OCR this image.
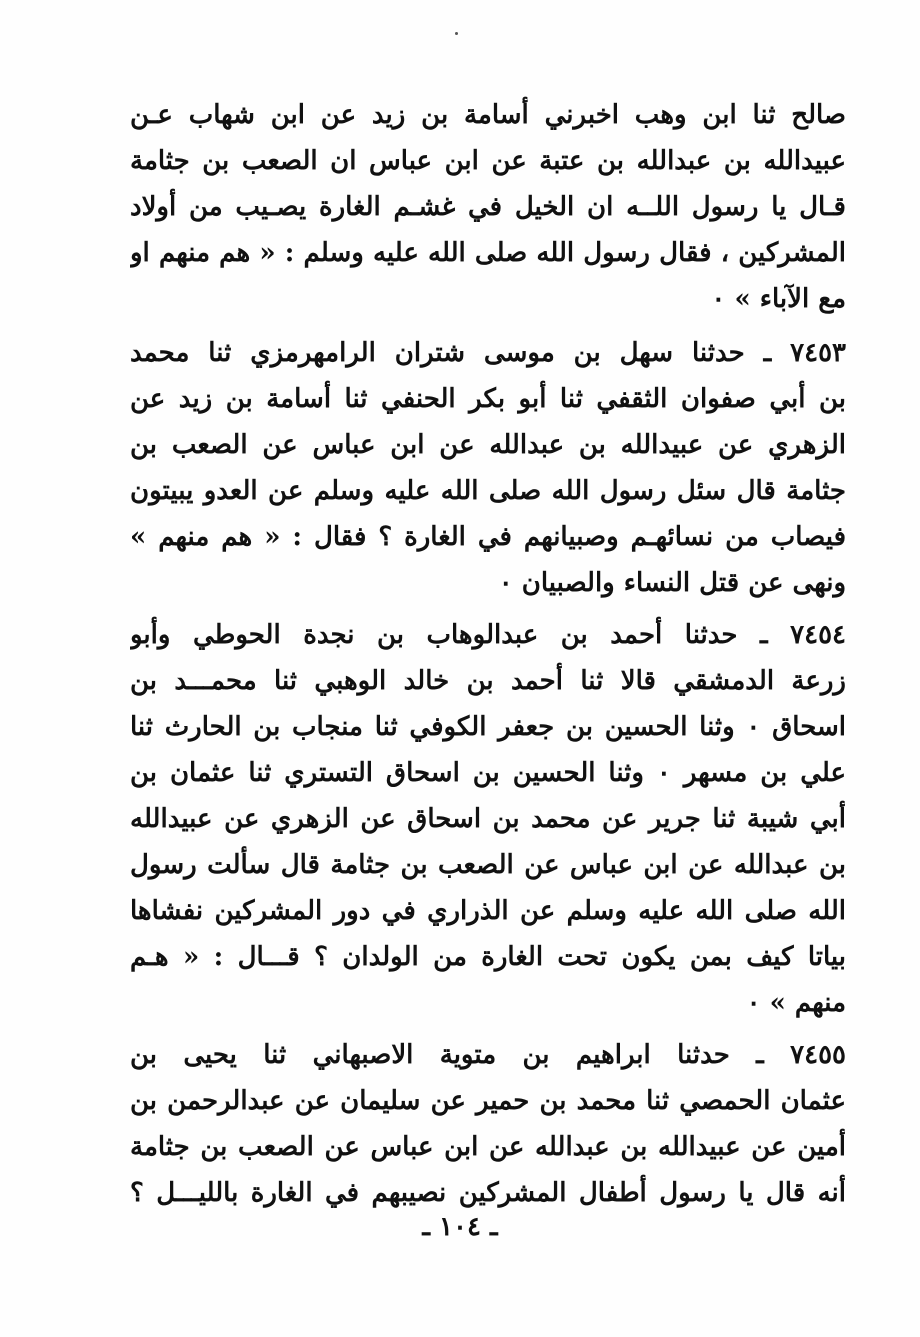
صالح ثنا ابن وهب اخبرني أسامة بن زيد عن ابن شهاب عـن
عبيدالله بن عبدالله بن عتبة عن ابن عباس ان الصعب بن جثامة
قـال يا رسول اللــه ان الخيل في غشـم الغارة يصـيب من أولاد
المشركين ، فقال رسول الله صلى الله عليه وسلم : « هم منهم او
مع الآباء » ٠
٧٤٥٣ ـ حدثنا سهل بن موسى شتران الرامهرمزي ثنا محمد
بن أبي صفوان الثقفي ثنا أبو بكر الحنفي ثنا أسامة بن زيد عن
الزهري عن عبيدالله بن عبدالله عن ابن عباس عن الصعب بن
جثامة قال سئل رسول الله صلى الله عليه وسلم عن العدو يبيتون
فيصاب من نسائهـم وصبيانهم في الغارة ؟ فقال : « هم منهم »
ونهى عن قتل النساء والصبيان ٠
٧٤٥٤ ـ حدثنا أحمد بن عبدالوهاب بن نجدة الحوطي وأبو
زرعة الدمشقي قالا ثنا أحمد بن خالد الوهبي ثنا محمـــد بن
اسحاق ٠ وثنا الحسين بن جعفر الكوفي ثنا منجاب بن الحارث ثنا
علي بن مسهر ٠ وثنا الحسين بن اسحاق التستري ثنا عثمان بن
أبي شيبة ثنا جرير عن محمد بن اسحاق عن الزهري عن عبيدالله
بن عبدالله عن ابن عباس عن الصعب بن جثامة قال سألت رسول
الله صلى الله عليه وسلم عن الذراري في دور المشركين نفشاها
بياتا كيف بمن يكون تحت الغارة من الولدان ؟ قـــال : « هـم
منهم » ٠
٧٤٥٥ ـ حدثنا ابراهيم بن متوية الاصبهاني ثنا يحيى بن
عثمان الحمصي ثنا محمد بن حمير عن سليمان عن عبدالرحمن بن
أمين عن عبيدالله بن عبدالله عن ابن عباس عن الصعب بن جثامة
أنه قال يا رسول أطفال المشركين نصيبهم في الغارة بالليـــل ؟
ـ ١٠٤ ـ
